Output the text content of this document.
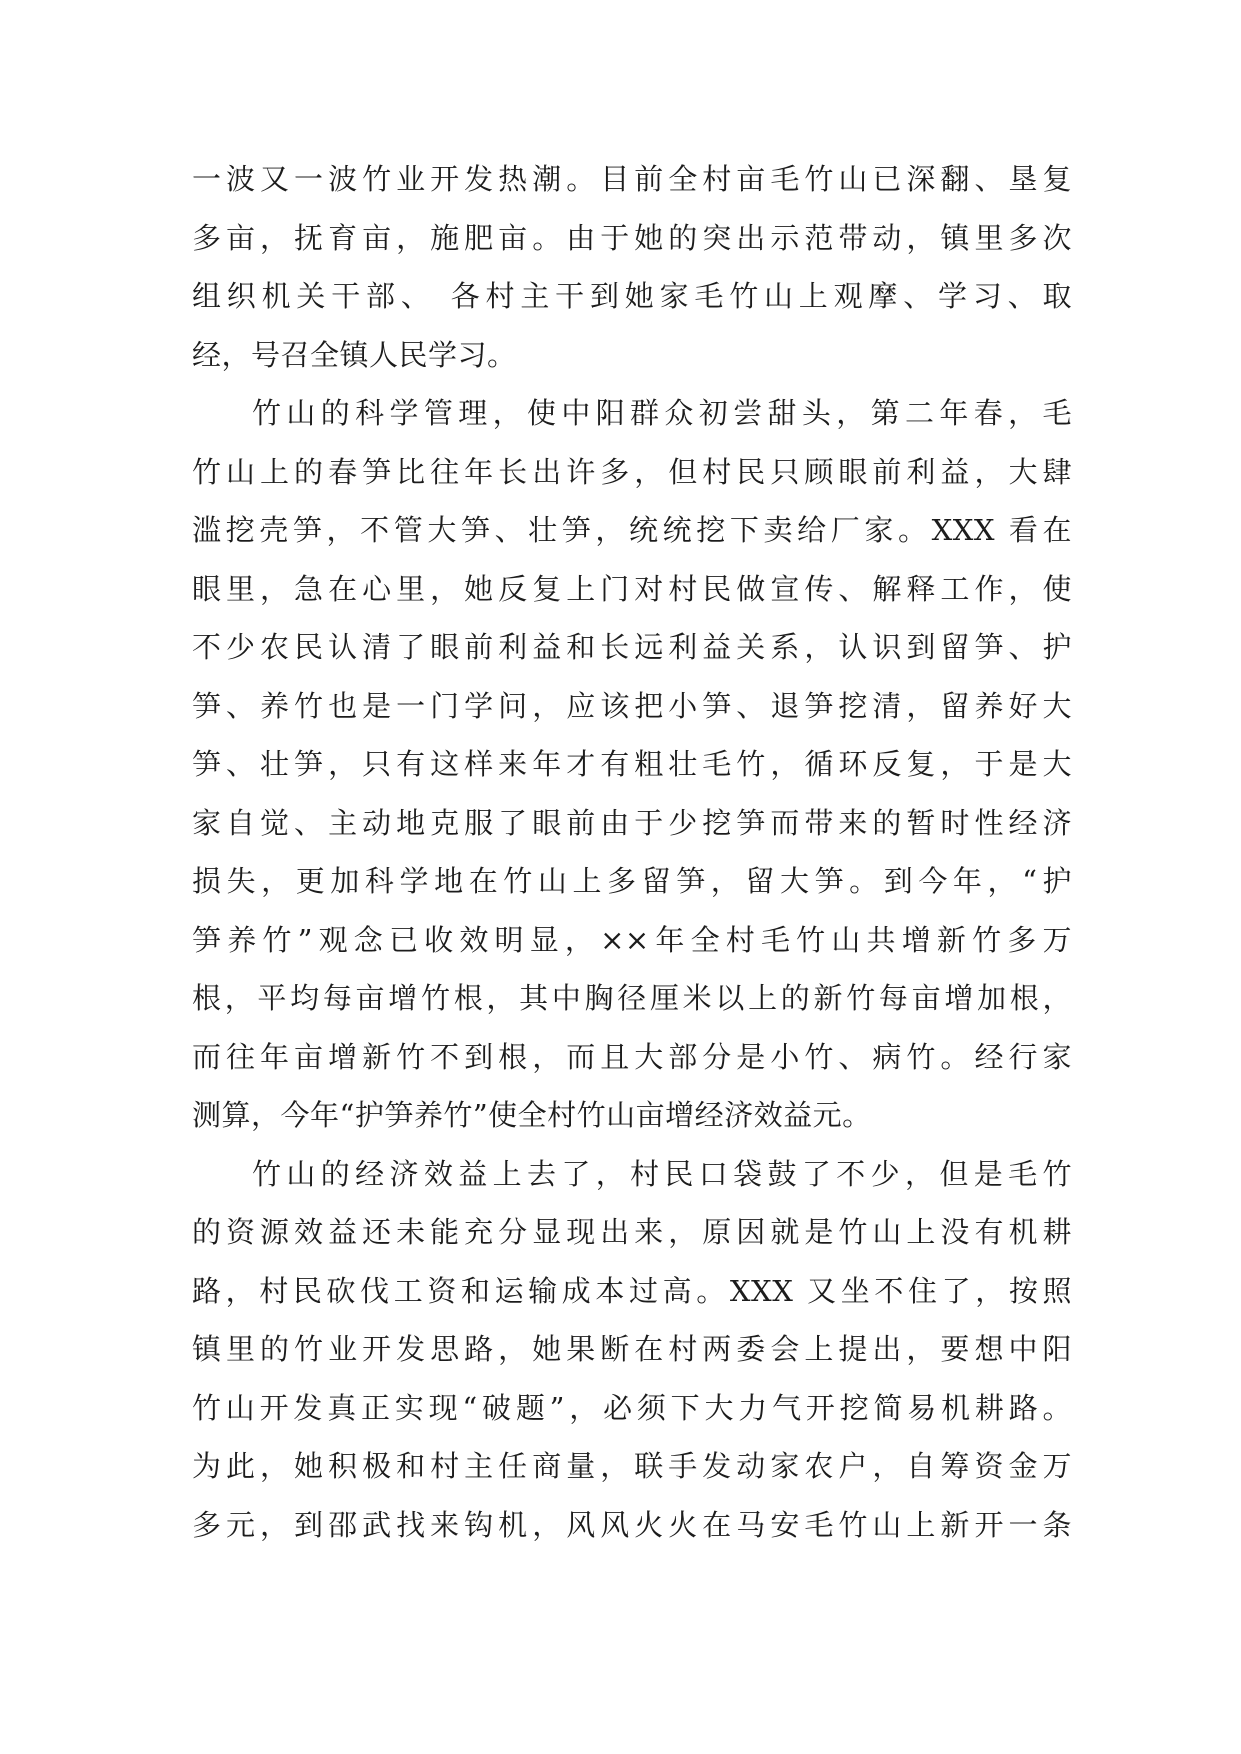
一波又一波竹业开发热潮。目前全村亩毛竹山已深翻、垦复
多亩，抚育亩，施肥亩。由于她的突出示范带动，镇里多次
组织机关干部、 各村主干到她家毛竹山上观摩、学习、取
经，号召全镇人民学习。
竹山的科学管理，使中阳群众初尝甜头，第二年春，毛
竹山上的春笋比往年长出许多，但村民只顾眼前利益，大肆
滥挖壳笋，不管大笋、壮笋，统统挖下卖给厂家。XXX 看在
眼里，急在心里，她反复上门对村民做宣传、解释工作，使
不少农民认清了眼前利益和长远利益关系，认识到留笋、护
笋、养竹也是一门学问，应该把小笋、退笋挖清，留养好大
笋、壮笋，只有这样来年才有粗壮毛竹，循环反复，于是大
家自觉、主动地克服了眼前由于少挖笋而带来的暂时性经济
损失，更加科学地在竹山上多留笋，留大笋。到今年，“护
笋养竹”观念已收效明显，××年全村毛竹山共增新竹多万
根，平均每亩增竹根，其中胸径厘米以上的新竹每亩增加根，
而往年亩增新竹不到根，而且大部分是小竹、病竹。经行家
测算，今年“护笋养竹”使全村竹山亩增经济效益元。
竹山的经济效益上去了，村民口袋鼓了不少，但是毛竹
的资源效益还未能充分显现出来，原因就是竹山上没有机耕
路，村民砍伐工资和运输成本过高。XXX 又坐不住了，按照
镇里的竹业开发思路，她果断在村两委会上提出，要想中阳
竹山开发真正实现“破题”，必须下大力气开挖简易机耕路。
为此，她积极和村主任商量，联手发动家农户，自筹资金万
多元，到邵武找来钩机，风风火火在马安毛竹山上新开一条
